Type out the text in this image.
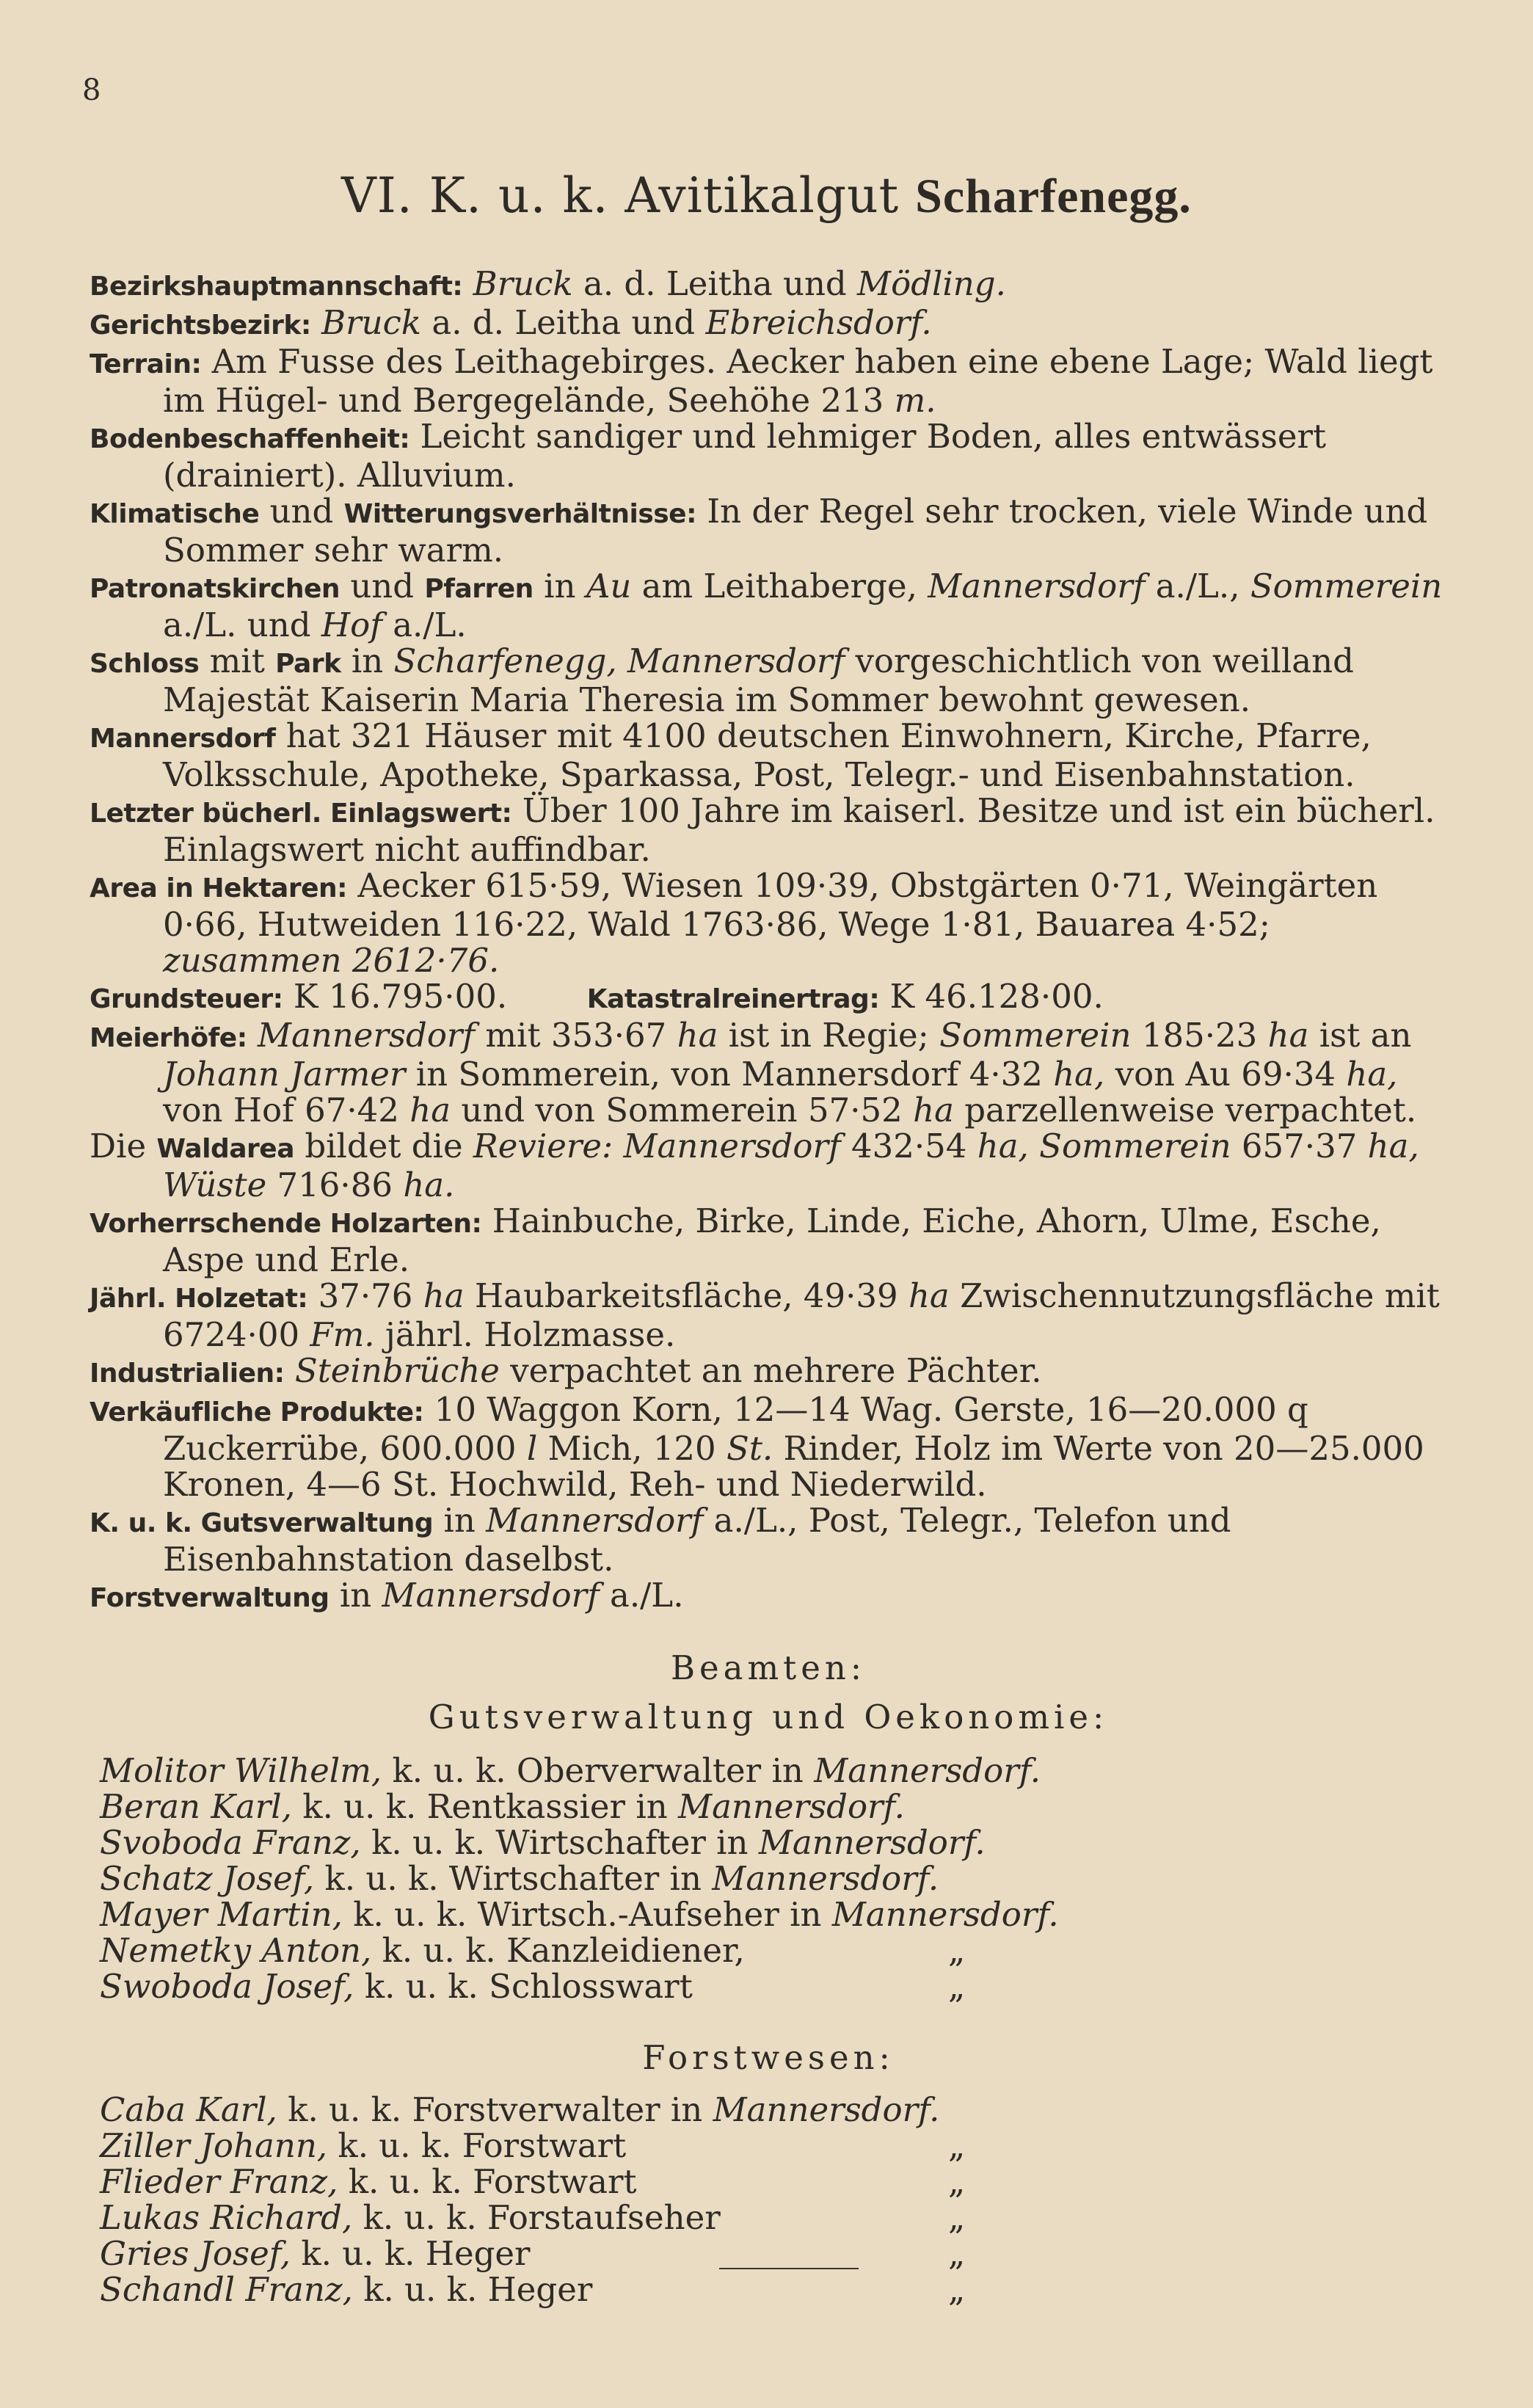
8
VI. K. u. k. Avitikalgut Scharfenegg.

Bezirkshauptmannschaft: Bruck a. d. Leitha und Mödling.

Gerichtsbezirk: Bruck a. d. Leitha und Ebreichsdorf.

Terrain: Am Fusse des Leithagebirges. Aecker haben eine ebene Lage; Wald liegt im Hügel- und Bergegelände, Seehöhe 213 m.

Bodenbeschaffenheit: Leicht sandiger und lehmiger Boden, alles entwässert (drainiert). Alluvium.

Klimatische und Witterungsverhältnisse: In der Regel sehr trocken, viele Winde und Sommer sehr warm.

Patronatskirchen und Pfarren in Au am Leithaberge, Mannersdorf a./L., Sommerein a./L. und Hof a./L.

Schloss mit Park in Scharfenegg, Mannersdorf vorgeschichtlich von weilland Majestät Kaiserin Maria Theresia im Sommer bewohnt gewesen.

Mannersdorf hat 321 Häuser mit 4100 deutschen Einwohnern, Kirche, Pfarre, Volksschule, Apotheke, Sparkassa, Post, Telegr.- und Eisenbahnstation.

Letzter bücherl. Einlagswert: Über 100 Jahre im kaiserl. Besitze und ist ein bücherl. Einlagswert nicht auffindbar.

Area in Hektaren: Aecker 615·59, Wiesen 109·39, Obstgärten 0·71, Weingärten 0·66, Hutweiden 116·22, Wald 1763·86, Wege 1·81, Bauarea 4·52; zusammen 2612·76.

Grundsteuer: K 16.795·00.	Katastralreinertrag: K 46.128·00.

Meierhöfe: Mannersdorf mit 353·67 ha ist in Regie; Sommerein 185·23 ha ist an Johann Jarmer in Sommerein, von Mannersdorf 4·32 ha, von Au 69·34 ha, von Hof 67·42 ha und von Sommerein 57·52 ha parzellenweise verpachtet.

Die Waldarea bildet die Reviere: Mannersdorf 432·54 ha, Sommerein 657·37 ha, Wüste 716·86 ha.

Vorherrschende Holzarten: Hainbuche, Birke, Linde, Eiche, Ahorn, Ulme, Esche, Aspe und Erle.

Jährl. Holzetat: 37·76 ha Haubarkeitsfläche, 49·39 ha Zwischennutzungsfläche mit 6724·00 Fm. jährl. Holzmasse.

Industrialien: Steinbrüche verpachtet an mehrere Pächter.

Verkäufliche Produkte: 10 Waggon Korn, 12—14 Wag. Gerste, 16—20.000 q Zuckerrübe, 600.000 l Mich, 120 St. Rinder, Holz im Werte von 20—25.000 Kronen, 4—6 St. Hochwild, Reh- und Niederwild.

K. u. k. Gutsverwaltung in Mannersdorf a./L., Post, Telegr., Telefon und Eisenbahnstation daselbst.

Forstverwaltung in Mannersdorf a./L.

Beamten:

Gutsverwaltung und Oekonomie:

Molitor Wilhelm, k. u. k. Oberverwalter in Mannersdorf.

Beran Karl, k. u. k. Rentkassier in Mannersdorf.

Svoboda Franz, k. u. k. Wirtschafter in Mannersdorf.

Schatz Josef, k. u. k. Wirtschafter in Mannersdorf.

Mayer Martin, k. u. k. Wirtsch.-Aufseher in Mannersdorf.

Nemetky Anton, k. u. k. Kanzleidiener,	„

Swoboda Josef, k. u. k. Schlosswart	„

Forstwesen:

Caba Karl, k. u. k. Forstverwalter in Mannersdorf.

Ziller Johann, k. u. k. Forstwart	„

Flieder Franz, k. u. k. Forstwart	„

Lukas Richard, k. u. k. Forstaufseher	„

Gries Josef, k. u. k. Heger	„

Schandl Franz, k. u. k. Heger	„
